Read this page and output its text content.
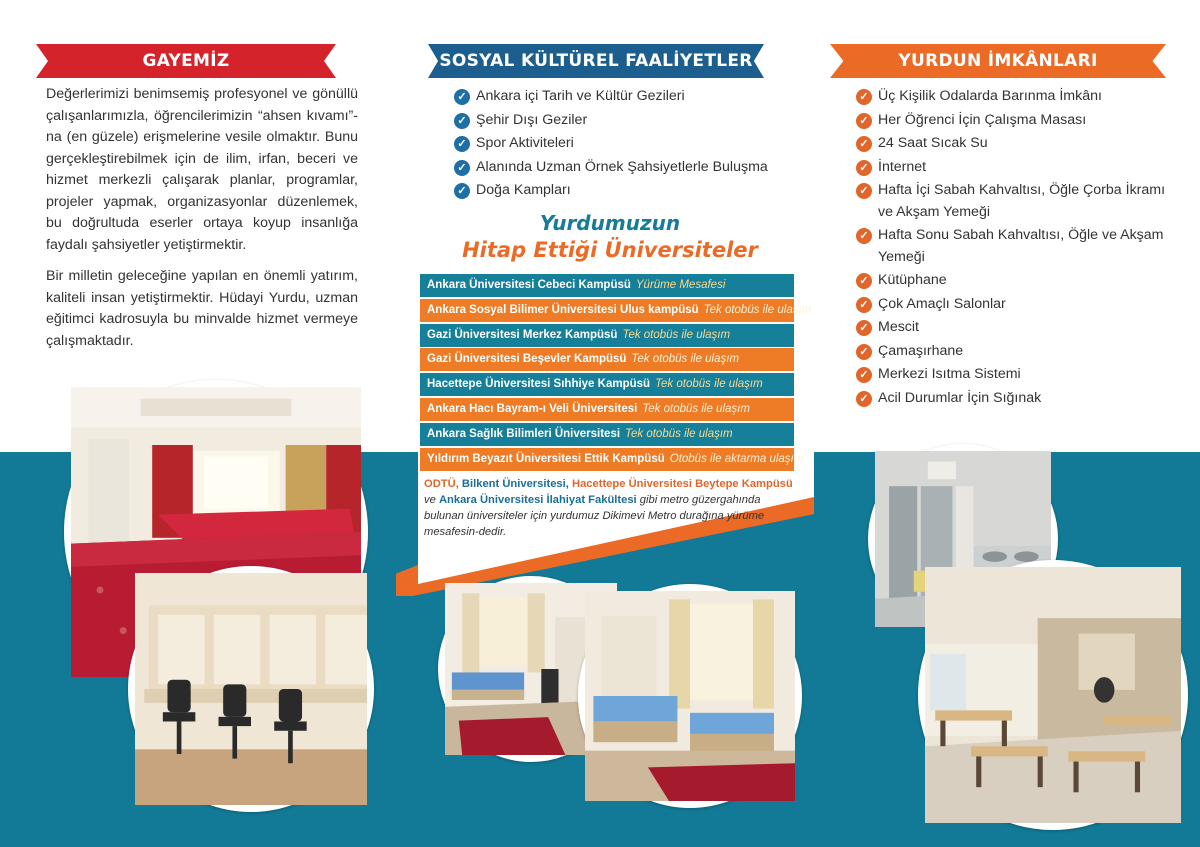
GAYEMİZ

Değerlerimizi benimsemiş profesyonel ve gönüllü çalışanlarımızla, öğrencilerimizin “ahsen kıvamı”-na (en güzele) erişmelerine vesile olmaktır. Bunu gerçekleştirebilmek için de ilim, irfan, beceri ve hizmet merkezli çalışarak planlar, programlar, projeler yapmak, organizasyonlar düzenlemek, bu doğrultuda eserler ortaya koyup insanlığa faydalı şahsiyetler yetiştirmektir.

Bir milletin geleceğine yapılan en önemli yatırım, kaliteli insan yetiştirmektir. Hüdayi Yurdu, uzman eğitimci kadrosuyla bu minvalde hizmet vermeye çalışmaktadır.

SOSYAL KÜLTÜREL FAALİYETLER
✓ Ankara içi Tarih ve Kültür Gezileri
✓ Şehir Dışı Geziler
✓ Spor Aktiviteleri
✓ Alanında Uzman Örnek Şahsiyetlerle Buluşma
✓ Doğa Kampları
Yurdumuzun
Hitap Ettiği Üniversiteler
Ankara Üniversitesi Cebeci Kampüsü Yürüme Mesafesi
Ankara Sosyal Bilimer Üniversitesi Ulus kampüsü Tek otobüs ile ulaşım
Gazi Üniversitesi Merkez Kampüsü Tek otobüs ile ulaşım
Gazi Üniversitesi Beşevler Kampüsü Tek otobüs ile ulaşım
Hacettepe Üniversitesi Sıhhiye Kampüsü Tek otobüs ile ulaşım
Ankara Hacı Bayram-ı Veli Üniversitesi Tek otobüs ile ulaşım
Ankara Sağlık Bilimleri Üniversitesi Tek otobüs ile ulaşım
Yıldırım Beyazıt Üniversitesi Ettik Kampüsü Otobüs ile aktarma ulaşım

ODTÜ, Bilkent Üniversitesi, Hacettepe Üniversitesi Beytepe Kampüsü ve Ankara Üniversitesi İlahiyat Fakültesi gibi metro güzergahında bulunan üniversiteler için yurdumuz Dikimevi Metro durağına yürüme mesafesin-dedir.

YURDUN İMKÂNLARI
✓ Üç Kişilik Odalarda Barınma İmkânı
✓ Her Öğrenci İçin Çalışma Masası
✓ 24 Saat Sıcak Su
✓ İnternet
✓ Hafta İçi Sabah Kahvaltısı, Öğle Çorba İkramı ve Akşam Yemeği
✓ Hafta Sonu Sabah Kahvaltısı, Öğle ve Akşam Yemeği
✓ Kütüphane
✓ Çok Amaçlı Salonlar
✓ Mescit
✓ Çamaşırhane
✓ Merkezi Isıtma Sistemi
✓ Acil Durumlar İçin Sığınak
